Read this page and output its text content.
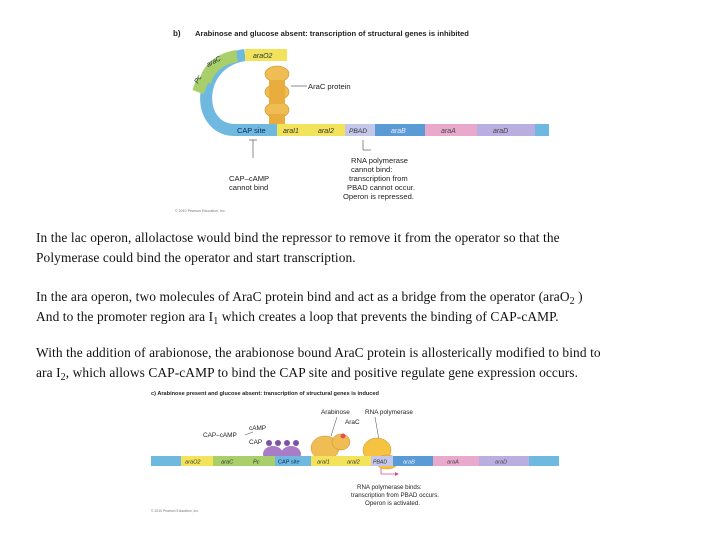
b) Arabinose and glucose absent: transcription of structural genes is inhibited
araC
Pc
araO2
AraC protein
CAP site araI1	araI2 PBAD	araB	araA	araD
CAP–cAMP
cannot bind
RNA polymerase
cannot bind:
transcription from
PBAD cannot occur.
Operon is repressed.
© 2010 Pearson Education, Inc.

In the lac operon, allolactose would bind the repressor to remove it from the operator so that the
Polymerase could bind the operator and start transcription.

In the ara operon, two molecules of AraC protein bind and act as a bridge from the operator (araO$_2$ )
And to the promoter region ara $I_1$ which creates a loop that prevents the binding of CAP-cAMP.

With the addition of arabionose, the arabionose bound AraC protein is allosterically modified to bind to
ara $I_2$, which allows CAP-cAMP to bind the CAP site and positive regulate gene expression occurs.

c) Arabinose present and glucose absent: transcription of structural genes is induced
CAP–cAMP
cAMP
CAP
Arabinose
AraC
RNA polymerase
araO2	araC	Pc	CAP site	araI1	araI2	PBAD	araB	araA	araD
RNA polymerase binds:
transcription from PBAD occurs.
Operon is activated.
© 2010 Pearson Education, Inc.
